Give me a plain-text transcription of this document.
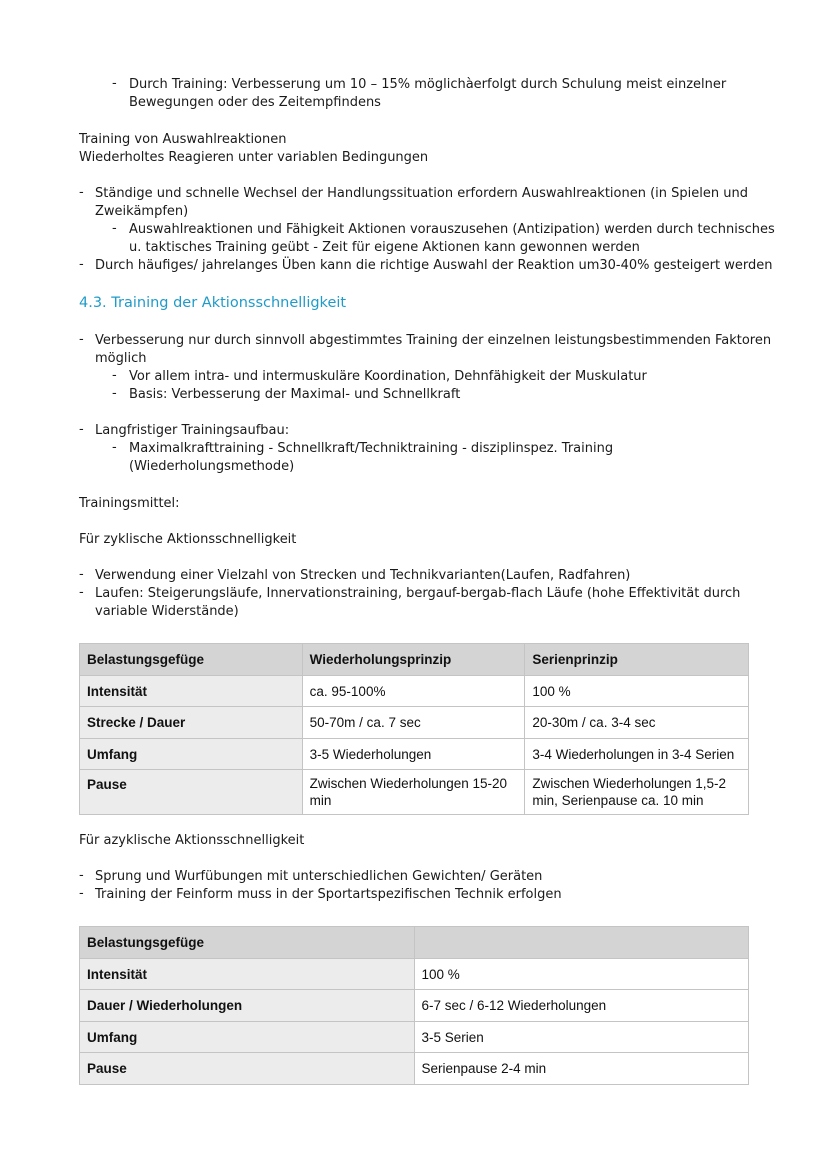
- Durch Training: Verbesserung um 10 – 15% möglichàerfolgt durch Schulung meist einzelner
Bewegungen oder des Zeitempfindens
Training von Auswahlreaktionen
Wiederholtes Reagieren unter variablen Bedingungen
- Ständige und schnelle Wechsel der Handlungssituation erfordern Auswahlreaktionen (in Spielen und
Zweikämpfen)
- Auswahlreaktionen und Fähigkeit Aktionen vorauszusehen (Antizipation) werden durch technisches
u. taktisches Training geübt - Zeit für eigene Aktionen kann gewonnen werden
- Durch häufiges/ jahrelanges Üben kann die richtige Auswahl der Reaktion um30-40% gesteigert werden
4.3. Training der Aktionsschnelligkeit
- Verbesserung nur durch sinnvoll abgestimmtes Training der einzelnen leistungsbestimmenden Faktoren
möglich
- Vor allem intra- und intermuskuläre Koordination, Dehnfähigkeit der Muskulatur
- Basis: Verbesserung der Maximal- und Schnellkraft
- Langfristiger Trainingsaufbau:
- Maximalkrafttraining - Schnellkraft/Techniktraining - disziplinspez. Training
(Wiederholungsmethode)
Trainingsmittel:
Für zyklische Aktionsschnelligkeit
- Verwendung einer Vielzahl von Strecken und Technikvarianten(Laufen, Radfahren)
- Laufen: Steigerungsläufe, Innervationstraining, bergauf-bergab-flach Läufe (hohe Effektivität durch
variable Widerstände)
Belastungsgefüge	Wiederholungsprinzip	Serienprinzip
Intensität	ca. 95-100%	100 %
Strecke / Dauer	50-70m / ca. 7 sec	20-30m / ca. 3-4 sec
Umfang	3-5 Wiederholungen	3-4 Wiederholungen in 3-4 Serien
Pause	Zwischen Wiederholungen 15-20 min	Zwischen Wiederholungen 1,5-2 min, Serienpause ca. 10 min
Für azyklische Aktionsschnelligkeit
- Sprung und Wurfübungen mit unterschiedlichen Gewichten/ Geräten
- Training der Feinform muss in der Sportartspezifischen Technik erfolgen
Belastungsgefüge	
Intensität	100 %
Dauer / Wiederholungen	6-7 sec / 6-12 Wiederholungen
Umfang	3-5 Serien
Pause	Serienpause 2-4 min
